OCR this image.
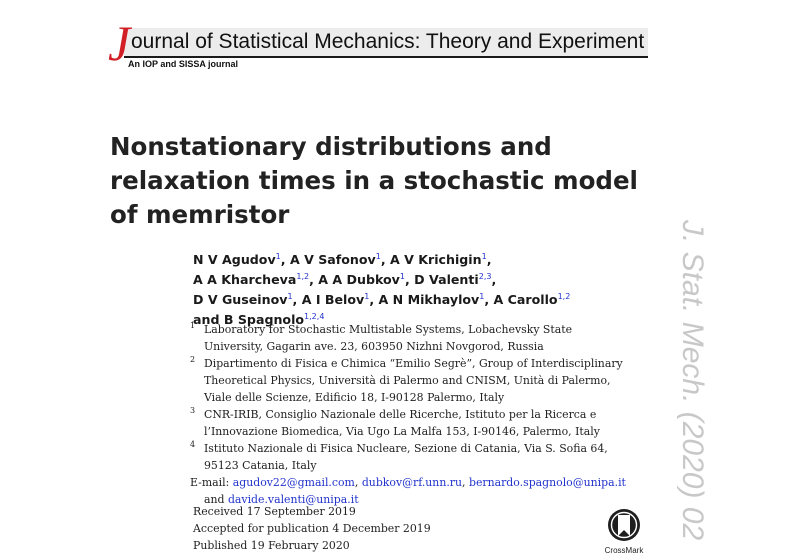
J ournal of Statistical Mechanics: Theory and Experiment
An IOP and SISSA journal
Nonstationary distributions and
relaxation times in a stochastic model
of memristor
N V Agudov$^1$, A V Safonov$^1$, A V Krichigin$^1$,
A A Kharcheva$^{1,2}$, A A Dubkov$^1$, D Valenti$^{2,3}$,
D V Guseinov$^1$, A I Belov$^1$, A N Mikhaylov$^1$, A Carollo$^{1,2}$
and B Spagnolo$^{1,2,4}$
1 Laboratory for Stochastic Multistable Systems, Lobachevsky State
University, Gagarin ave. 23, 603950 Nizhni Novgorod, Russia
2 Dipartimento di Fisica e Chimica “Emilio Segrè”, Group of Interdisciplinary
Theoretical Physics, Università di Palermo and CNISM, Unità di Palermo,
Viale delle Scienze, Edificio 18, I-90128 Palermo, Italy
3 CNR-IRIB, Consiglio Nazionale delle Ricerche, Istituto per la Ricerca e
l’Innovazione Biomedica, Via Ugo La Malfa 153, I-90146, Palermo, Italy
4 Istituto Nazionale di Fisica Nucleare, Sezione di Catania, Via S. Sofia 64,
95123 Catania, Italy
E-mail: agudov22@gmail.com, dubkov@rf.unn.ru, bernardo.spagnolo@unipa.it
and davide.valenti@unipa.it
Received 17 September 2019
Accepted for publication 4 December 2019
Published 19 February 2020	CrossMark
J. Stat. Mech. (2020) 02
